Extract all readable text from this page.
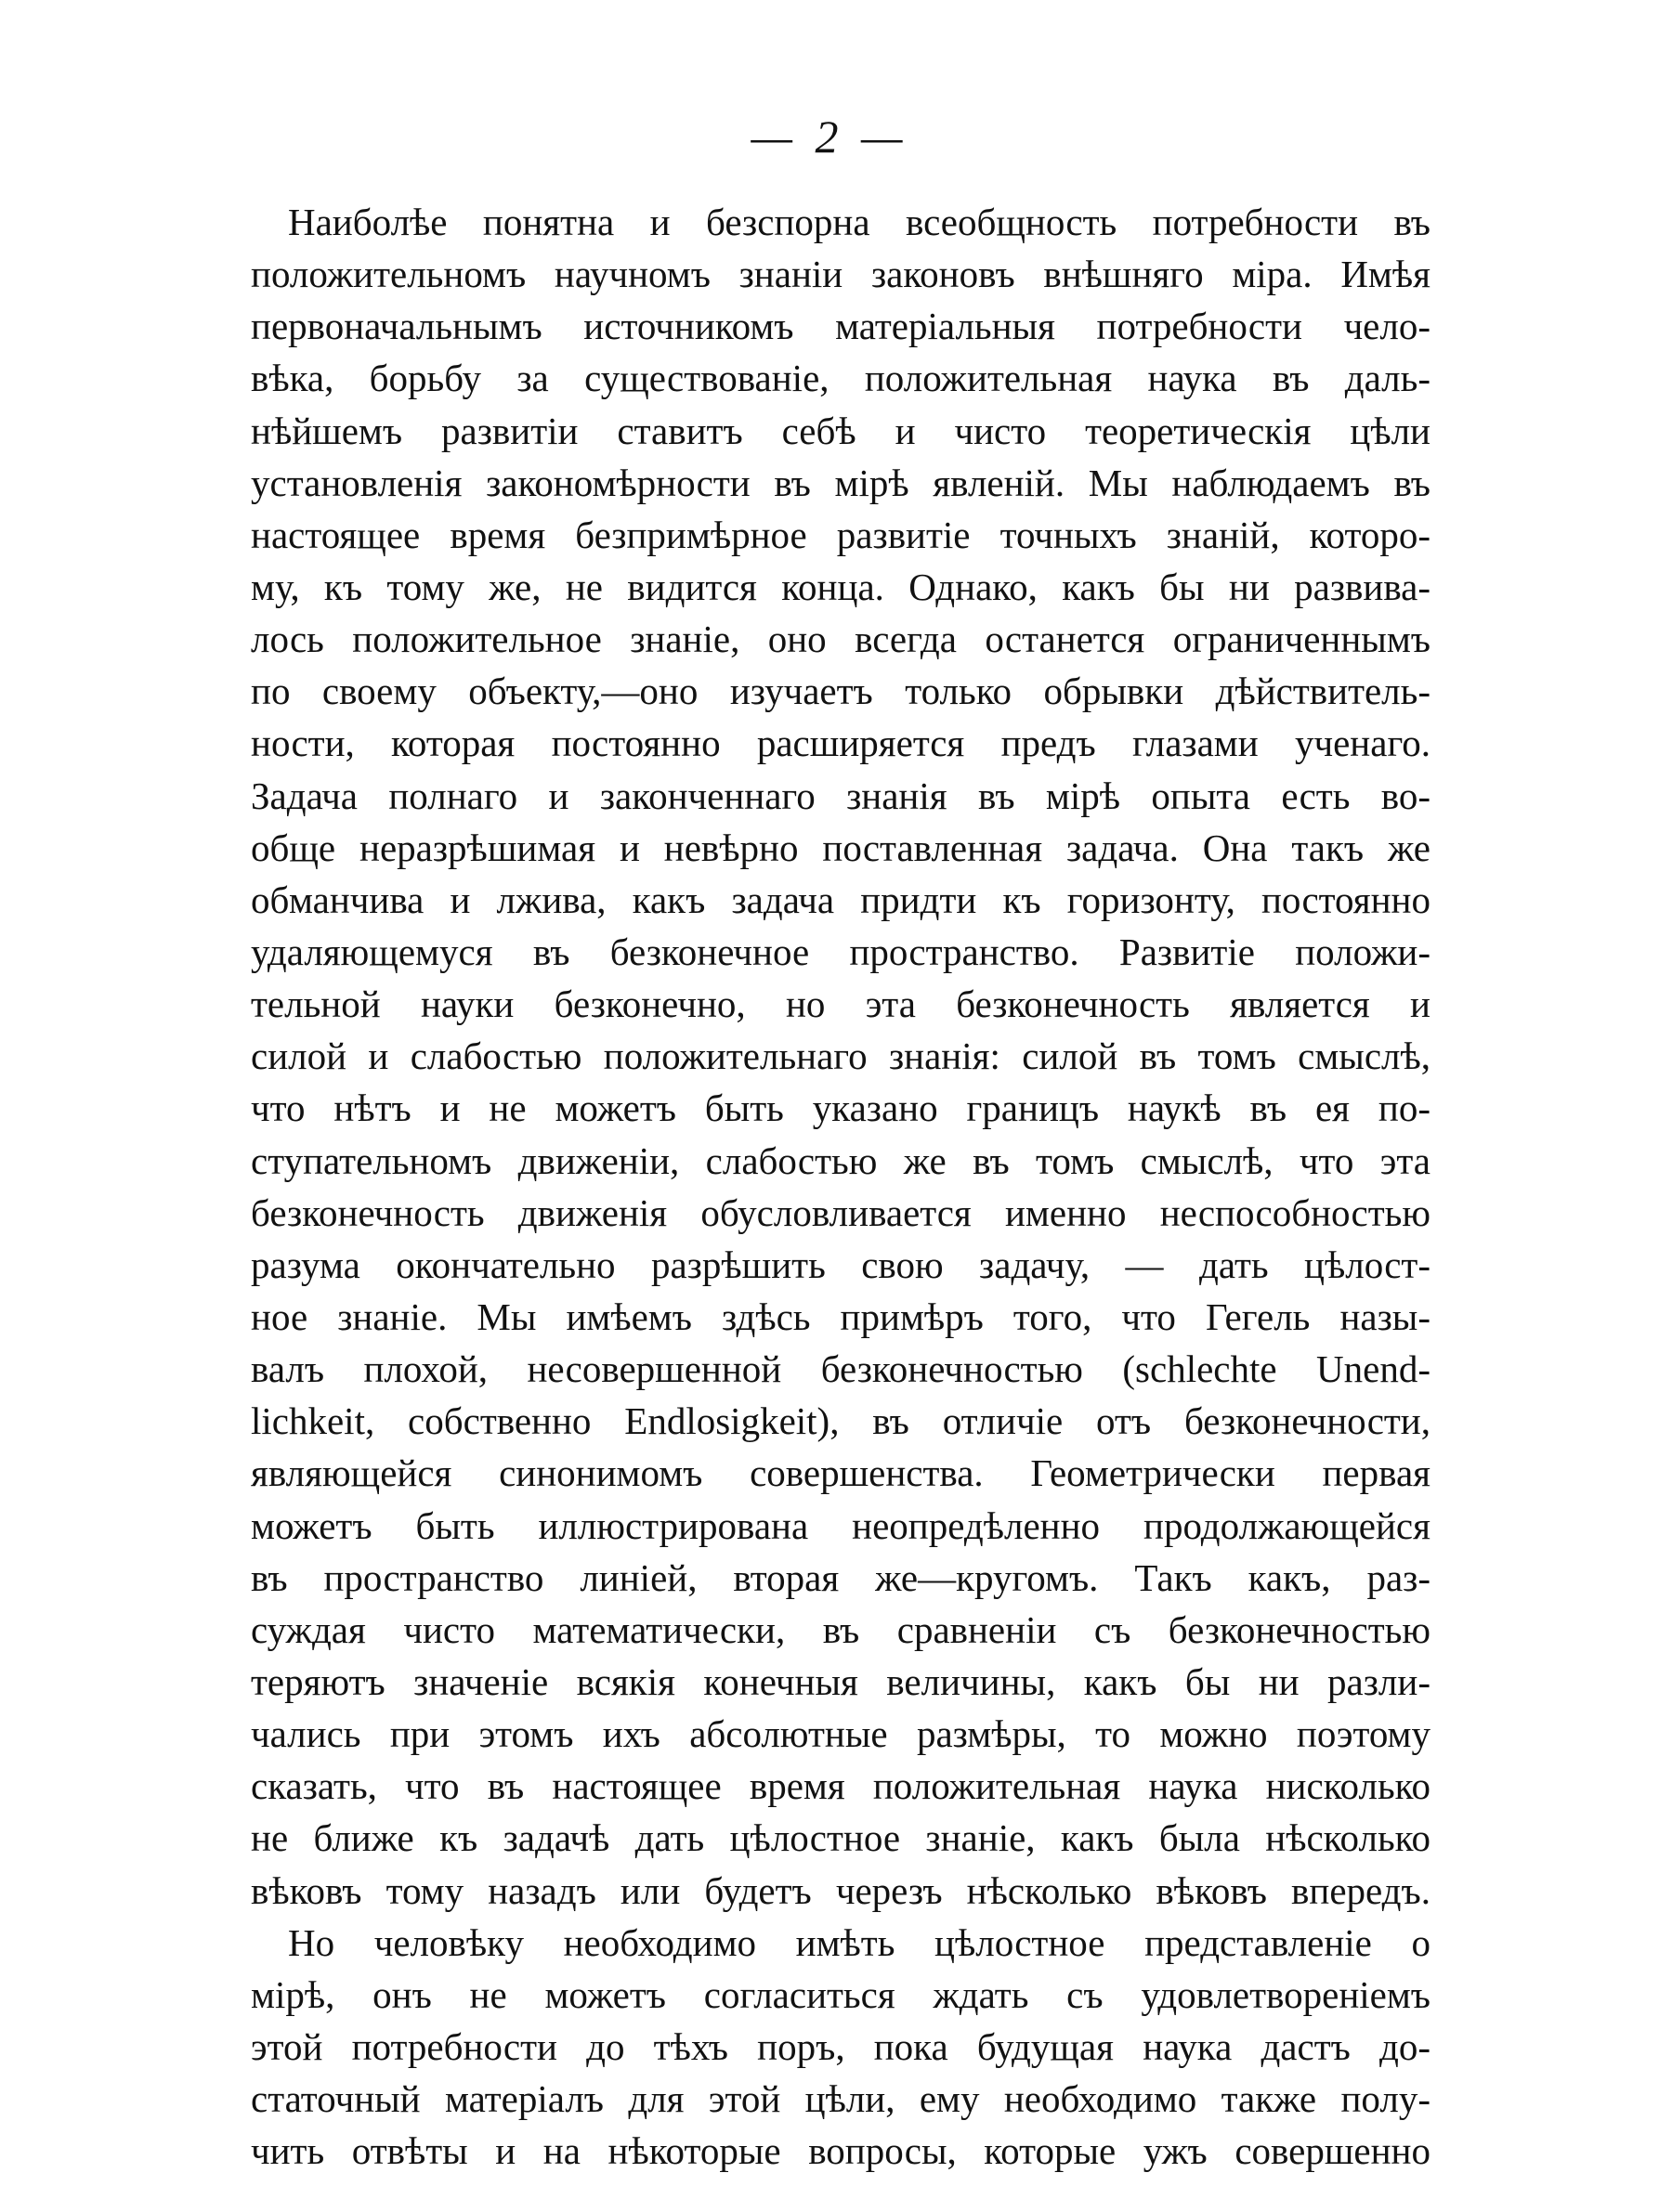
— 2 —
Наиболѣе понятна и безспорна всеобщность потребности въ
положительномъ научномъ знаніи законовъ внѣшняго міра. Имѣя
первоначальнымъ источникомъ матеріальныя потребности чело-
вѣка, борьбу за существованіе, положительная наука въ даль-
нѣйшемъ развитіи ставитъ себѣ и чисто теоретическія цѣли
установленія закономѣрности въ мірѣ явленій. Мы наблюдаемъ въ
настоящее время безпримѣрное развитіе точныхъ знаній, которо-
му, къ тому же, не видится конца. Однако, какъ бы ни развива-
лось положительное знаніе, оно всегда останется ограниченнымъ
по своему объекту,—оно изучаетъ только обрывки дѣйствитель-
ности, которая постоянно расширяется предъ глазами ученаго.
Задача полнаго и законченнаго знанія въ мірѣ опыта есть во-
обще неразрѣшимая и невѣрно поставленная задача. Она такъ же
обманчива и лжива, какъ задача придти къ горизонту, постоянно
удаляющемуся въ безконечное пространство. Развитіе положи-
тельной науки безконечно, но эта безконечность является и
силой и слабостью положительнаго знанія: силой въ томъ смыслѣ,
что нѣтъ и не можетъ быть указано границъ наукѣ въ ея по-
ступательномъ движеніи, слабостью же въ томъ смыслѣ, что эта
безконечность движенія обусловливается именно неспособностью
разума окончательно разрѣшить свою задачу, — дать цѣлост-
ное знаніе. Мы имѣемъ здѣсь примѣръ того, что Гегель назы-
валъ плохой, несовершенной безконечностью (schlechte Unend-
lichkeit, собственно Endlosigkeit), въ отличіе отъ безконечности,
являющейся синонимомъ совершенства. Геометрически первая
можетъ быть иллюстрирована неопредѣленно продолжающейся
въ пространство линіей, вторая же—кругомъ. Такъ какъ, раз-
суждая чисто математически, въ сравненіи съ безконечностью
теряютъ значеніе всякія конечныя величины, какъ бы ни разли-
чались при этомъ ихъ абсолютные размѣры, то можно поэтому
сказать, что въ настоящее время положительная наука нисколько
не ближе къ задачѣ дать цѣлостное знаніе, какъ была нѣсколько
вѣковъ тому назадъ или будетъ черезъ нѣсколько вѣковъ впередъ.
Но человѣку необходимо имѣть цѣлостное представленіе о
мірѣ, онъ не можетъ согласиться ждать съ удовлетвореніемъ
этой потребности до тѣхъ поръ, пока будущая наука дастъ до-
статочный матеріалъ для этой цѣли, ему необходимо также полу-
чить отвѣты и на нѣкоторые вопросы, которые ужъ совершенно
